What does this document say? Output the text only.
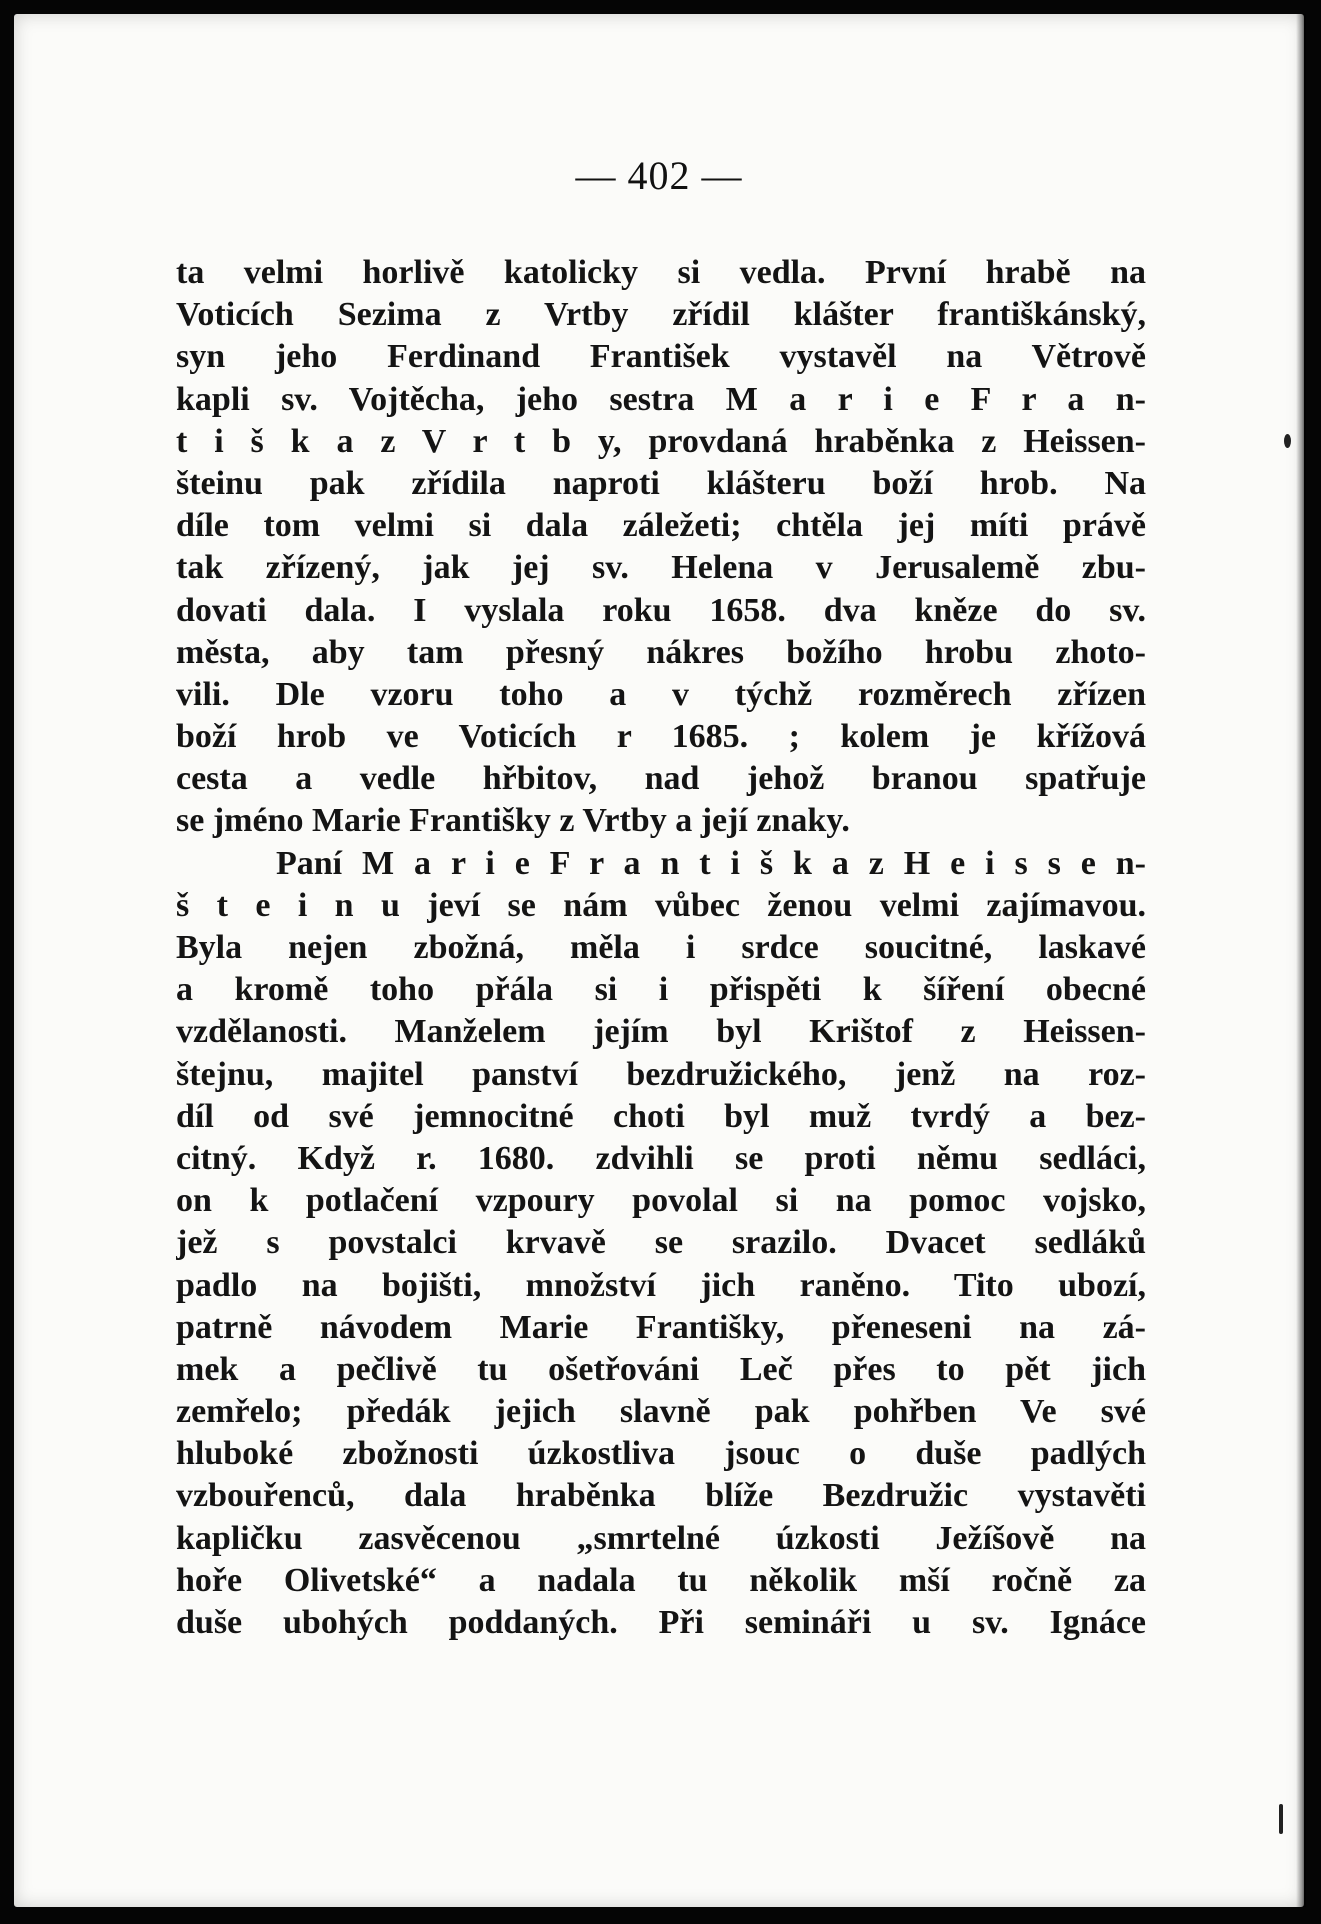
— 402 —
ta velmi horlivě katolicky si vedla. První hrabě na
Voticích Sezima z Vrtby zřídil klášter františkánský,
syn jeho Ferdinand František vystavěl na Větrově
kapli sv. Vojtěcha, jeho sestra M a r i e F r a n-
t i š k a z V r t b y, provdaná hraběnka z Heissen-
šteinu pak zřídila naproti klášteru boží hrob. Na
díle tom velmi si dala záležeti; chtěla jej míti právě
tak zřízený, jak jej sv. Helena v Jerusalemě zbu-
dovati dala. I vyslala roku 1658. dva kněze do sv.
města, aby tam přesný nákres božího hrobu zhoto-
vili. Dle vzoru toho a v týchž rozměrech zřízen
boží hrob ve Voticích r 1685. ; kolem je křížová
cesta a vedle hřbitov, nad jehož branou spatřuje
se jméno Marie Františky z Vrtby a její znaky.
Paní M a r i e F r a n t i š k a z H e i s s e n-
š t e i n u jeví se nám vůbec ženou velmi zajímavou.
Byla nejen zbožná, měla i srdce soucitné, laskavé
a kromě toho přála si i přispěti k šíření obecné
vzdělanosti. Manželem jejím byl Krištof z Heissen-
štejnu, majitel panství bezdružického, jenž na roz-
díl od své jemnocitné choti byl muž tvrdý a bez-
citný. Když r. 1680. zdvihli se proti němu sedláci,
on k potlačení vzpoury povolal si na pomoc vojsko,
jež s povstalci krvavě se srazilo. Dvacet sedláků
padlo na bojišti, množství jich raněno. Tito ubozí,
patrně návodem Marie Františky, přeneseni na zá-
mek a pečlivě tu ošetřováni Leč přes to pět jich
zemřelo; předák jejich slavně pak pohřben Ve své
hluboké zbožnosti úzkostliva jsouc o duše padlých
vzbouřenců, dala hraběnka blíže Bezdružic vystavěti
kapličku zasvěcenou „smrtelné úzkosti Ježíšově na
hoře Olivetské“ a nadala tu několik mší ročně za
duše ubohých poddaných. Při semináři u sv. Ignáce
